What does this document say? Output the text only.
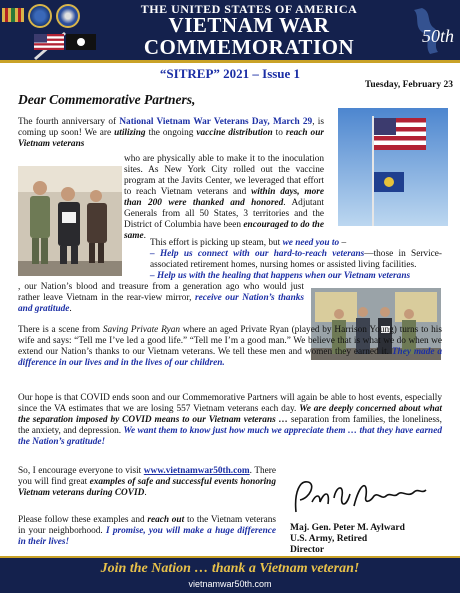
THE UNITED STATES OF AMERICA
VIETNAM WAR
COMMEMORATION	50th
“SITREP” 2021 – Issue 1
Tuesday, February 23
Dear Commemorative Partners,

The fourth anniversary of National Vietnam War Veterans Day, March 29, is coming up soon! We are utilizing the ongoing vaccine distribution to reach our Vietnam veterans

who are physically able to make it to the inoculation sites. As New York City rolled out the vaccine program at the Javits Center, we leveraged that effort to reach Vietnam veterans and within days, more than 200 were thanked and honored. Adjutant Generals from all 50 States, 3 territories and the District of Columbia have been encouraged to do the same.

This effort is picking up steam, but we need you to –
– Help us connect with our hard-to-reach veterans—those in Service-associated retirement homes, nursing homes or assisted living facilities.
– Help us with the healing that happens when our Vietnam veterans

, our Nation’s blood and treasure from a generation ago who would just rather leave Vietnam in the rear-view mirror, receive our Nation’s thanks and gratitude.

There is a scene from Saving Private Ryan where an aged Private Ryan (played by Harrison Young) turns to his wife and says: “Tell me I’ve led a good life.” “Tell me I’m a good man.” We believe that is what we do when we extend our Nation’s thanks to our Vietnam veterans. We tell these men and women they earned it. They made a difference in our lives and in the lives of our children.

Our hope is that COVID ends soon and our Commemorative Partners will again be able to host events, especially since the VA estimates that we are losing 557 Vietnam veterans each day. We are deeply concerned about what the separation imposed by COVID means to our Vietnam veterans … separation from families, the loneliness, the anxiety, and depression. We want them to know just how much we appreciate them … that they have earned the Nation’s gratitude!

So, I encourage everyone to visit www.vietnamwar50th.com. There you will find great examples of safe and successful events honoring Vietnam veterans during COVID.

Please follow these examples and reach out to the Vietnam veterans in your neighborhood. I promise, you will make a huge difference in their lives!

Maj. Gen. Peter M. Aylward
U.S. Army, Retired
Director
Join the Nation … thank a Vietnam veteran!
vietnamwar50th.com
